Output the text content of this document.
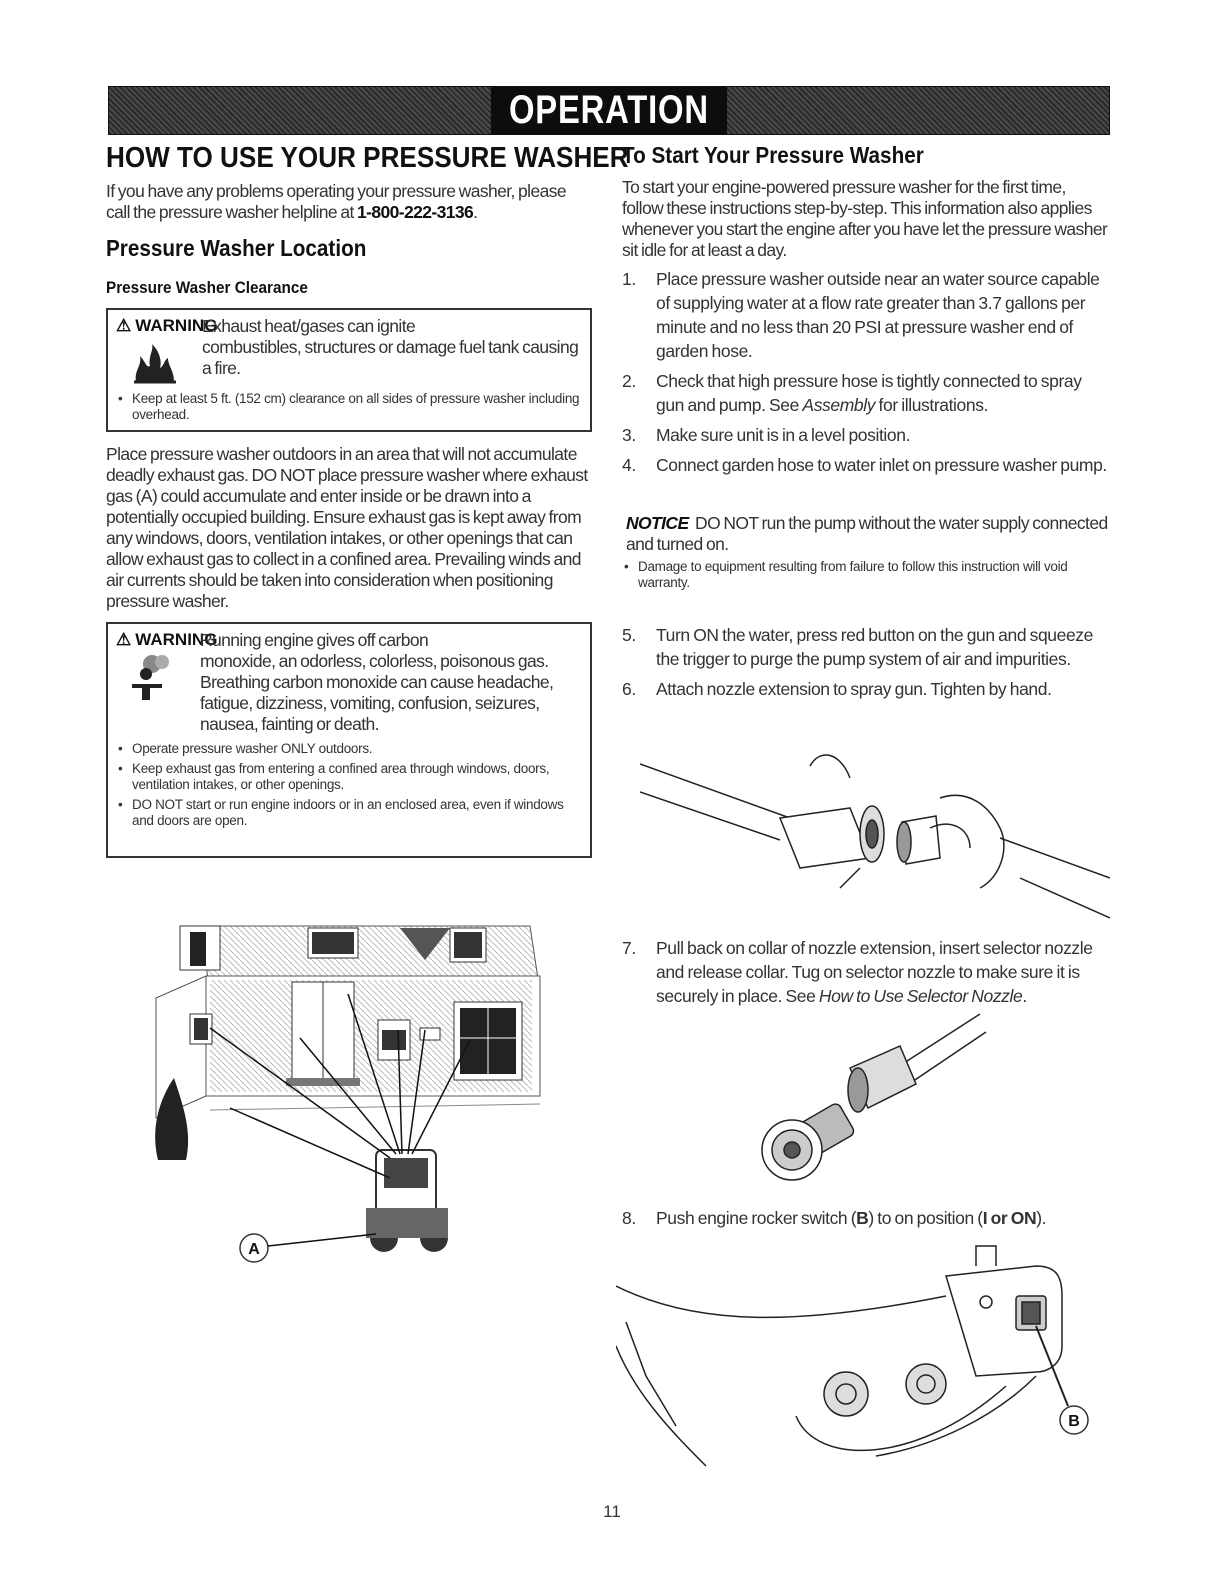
OPERATION
HOW TO USE YOUR PRESSURE WASHER

If you have any problems operating your pressure washer, please call the pressure washer helpline at 1-800-222-3136.

Pressure Washer Location
Pressure Washer Clearance
⚠ WARNING

Exhaust heat/gases can ignite
combustibles, structures or damage fuel tank causing a fire.

• Keep at least 5 ft. (152 cm) clearance on all sides of pressure washer including overhead.

Place pressure washer outdoors in an area that will not accumulate deadly exhaust gas. DO NOT place pressure washer where exhaust gas (A) could accumulate and enter inside or be drawn into a potentially occupied building. Ensure exhaust gas is kept away from any windows, doors, ventilation intakes, or other openings that can allow exhaust gas to collect in a confined area. Prevailing winds and air currents should be taken into consideration when positioning pressure washer.

⚠ WARNING

Running engine gives off carbon
monoxide, an odorless, colorless, poisonous gas. Breathing carbon monoxide can cause headache, fatigue, dizziness, vomiting, confusion, seizures, nausea, fainting or death.

• Operate pressure washer ONLY outdoors.
• Keep exhaust gas from entering a confined area through windows, doors, ventilation intakes, or other openings.
• DO NOT start or run engine indoors or in an enclosed area, even if windows and doors are open.
A
To Start Your Pressure Washer

To start your engine-powered pressure washer for the first time, follow these instructions step-by-step. This information also applies whenever you start the engine after you have let the pressure washer sit idle for at least a day.

1. Place pressure washer outside near an water source capable of supplying water at a flow rate greater than 3.7 gallons per minute and no less than 20 PSI at pressure washer end of garden hose.
2. Check that high pressure hose is tightly connected to spray gun and pump. See Assembly for illustrations.
3. Make sure unit is in a level position.
4. Connect garden hose to water inlet on pressure washer pump.

NOTICE DO NOT run the pump without the water supply connected and turned on.

• Damage to equipment resulting from failure to follow this instruction will void warranty.
5. Turn ON the water, press red button on the gun and squeeze the trigger to purge the pump system of air and impurities.
6. Attach nozzle extension to spray gun. Tighten by hand.
7. Pull back on collar of nozzle extension, insert selector nozzle and release collar. Tug on selector nozzle to make sure it is securely in place. See How to Use Selector Nozzle.
8. Push engine rocker switch (B) to on position (I or ON).
B
11
